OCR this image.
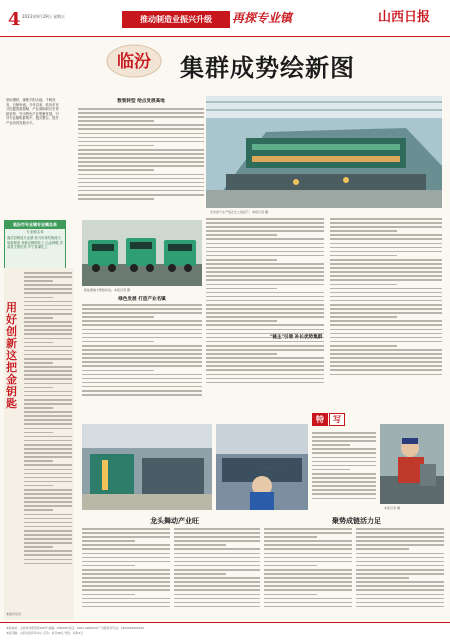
4 2023年9月29日 星期五	推动制造业振兴升级	再探专业镇	山西日报
临汾 集群成势绘新图
坐标钢铁、煤焦平阳大地，千帆竞发、百舸争流。今年以来，临汾市充分挖掘资源禀赋，产业基础和历史传统优势，突出特色产业集聚发展，引导专业镇集群集中、链式整合，提升产业协同发展水平。
临汾市专业镇专业镇名单
专业镇名单
曲沃县铸造专业镇 侯马市现代物流与装备制造 尧都区精细化工 冶金铸锻 洪洞县生物医药 乡宁县煤化工
用好创新这把金钥匙
本报评论员
数智转型 给点发展高地
全市首个生产线正式上线投产。本报记者 摄
新能源重卡整装待发。本报记者 摄
绿色发展 打造产业名镇
"链主"引领 补长优势集群
本报记者 王磊 李美
特	写
本报记者 摄
龙头舞动产业旺	聚势成链活力足
本报地址：太原市双塔西街108号 邮编：030000 电话：0351-4282500 广告经营许可证：1400004000024
本报印刷：山西日报印务中心 定价：每月48元 零售：每份2元
